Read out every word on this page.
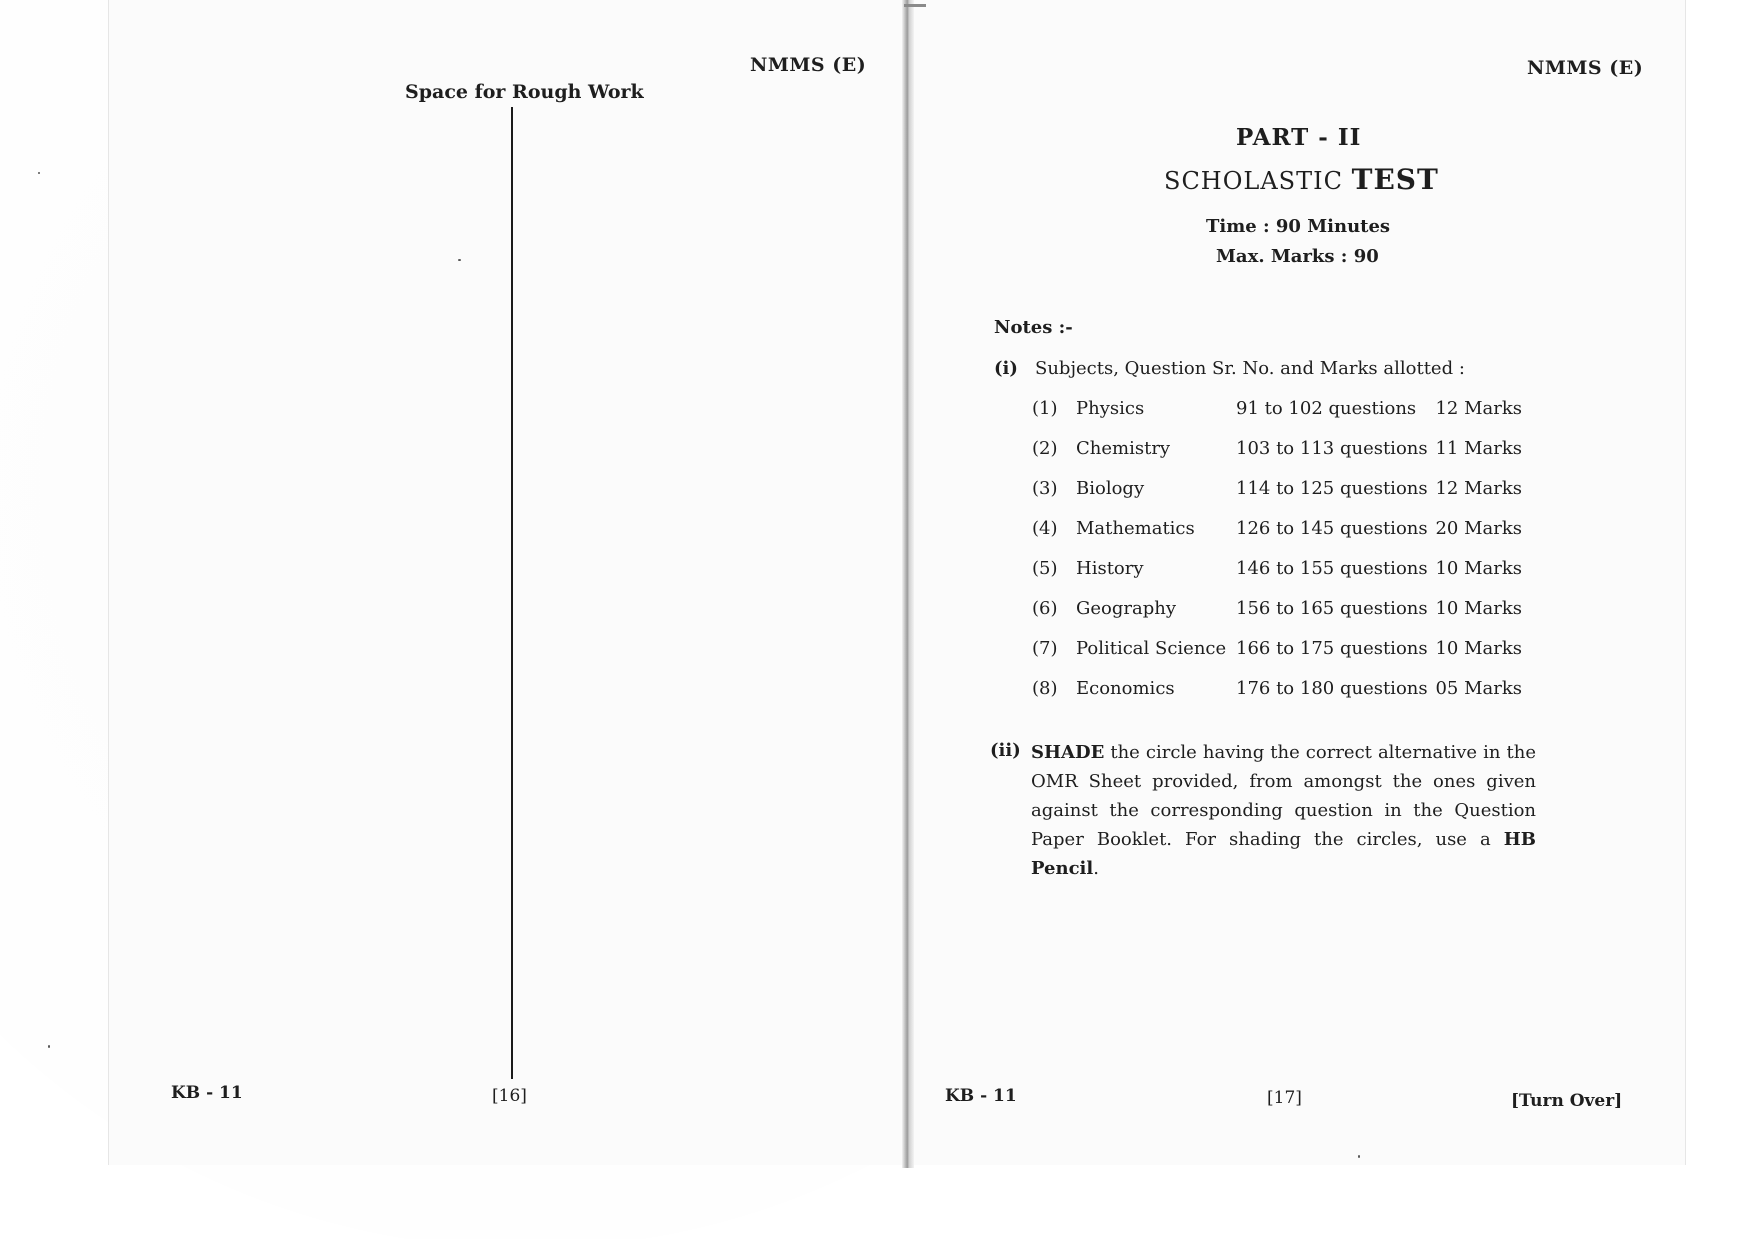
NMMS (E)
Space for Rough Work
KB - 11	[16]
NMMS (E)
PART - II
SCHOLASTIC TEST
Time : 90 Minutes
Max. Marks : 90
Notes :-
(i) Subjects, Question Sr. No. and Marks allotted :
(1) Physics	91 to 102 questions	12 Marks
(2) Chemistry	103 to 113 questions 11 Marks
(3) Biology	114 to 125 questions 12 Marks
(4) Mathematics 126 to 145 questions 20 Marks
(5) History	146 to 155 questions 10 Marks
(6) Geography	156 to 165 questions 10 Marks
(7) Political Science 166 to 175 questions 10 Marks
(8) Economics	176 to 180 questions 05 Marks
(ii) SHADE the circle having the correct alternative in the OMR Sheet provided, from amongst the ones given against the corresponding question in the Question Paper Booklet. For shading the circles, use a HB Pencil.
KB - 11	[17]	[Turn Over]
